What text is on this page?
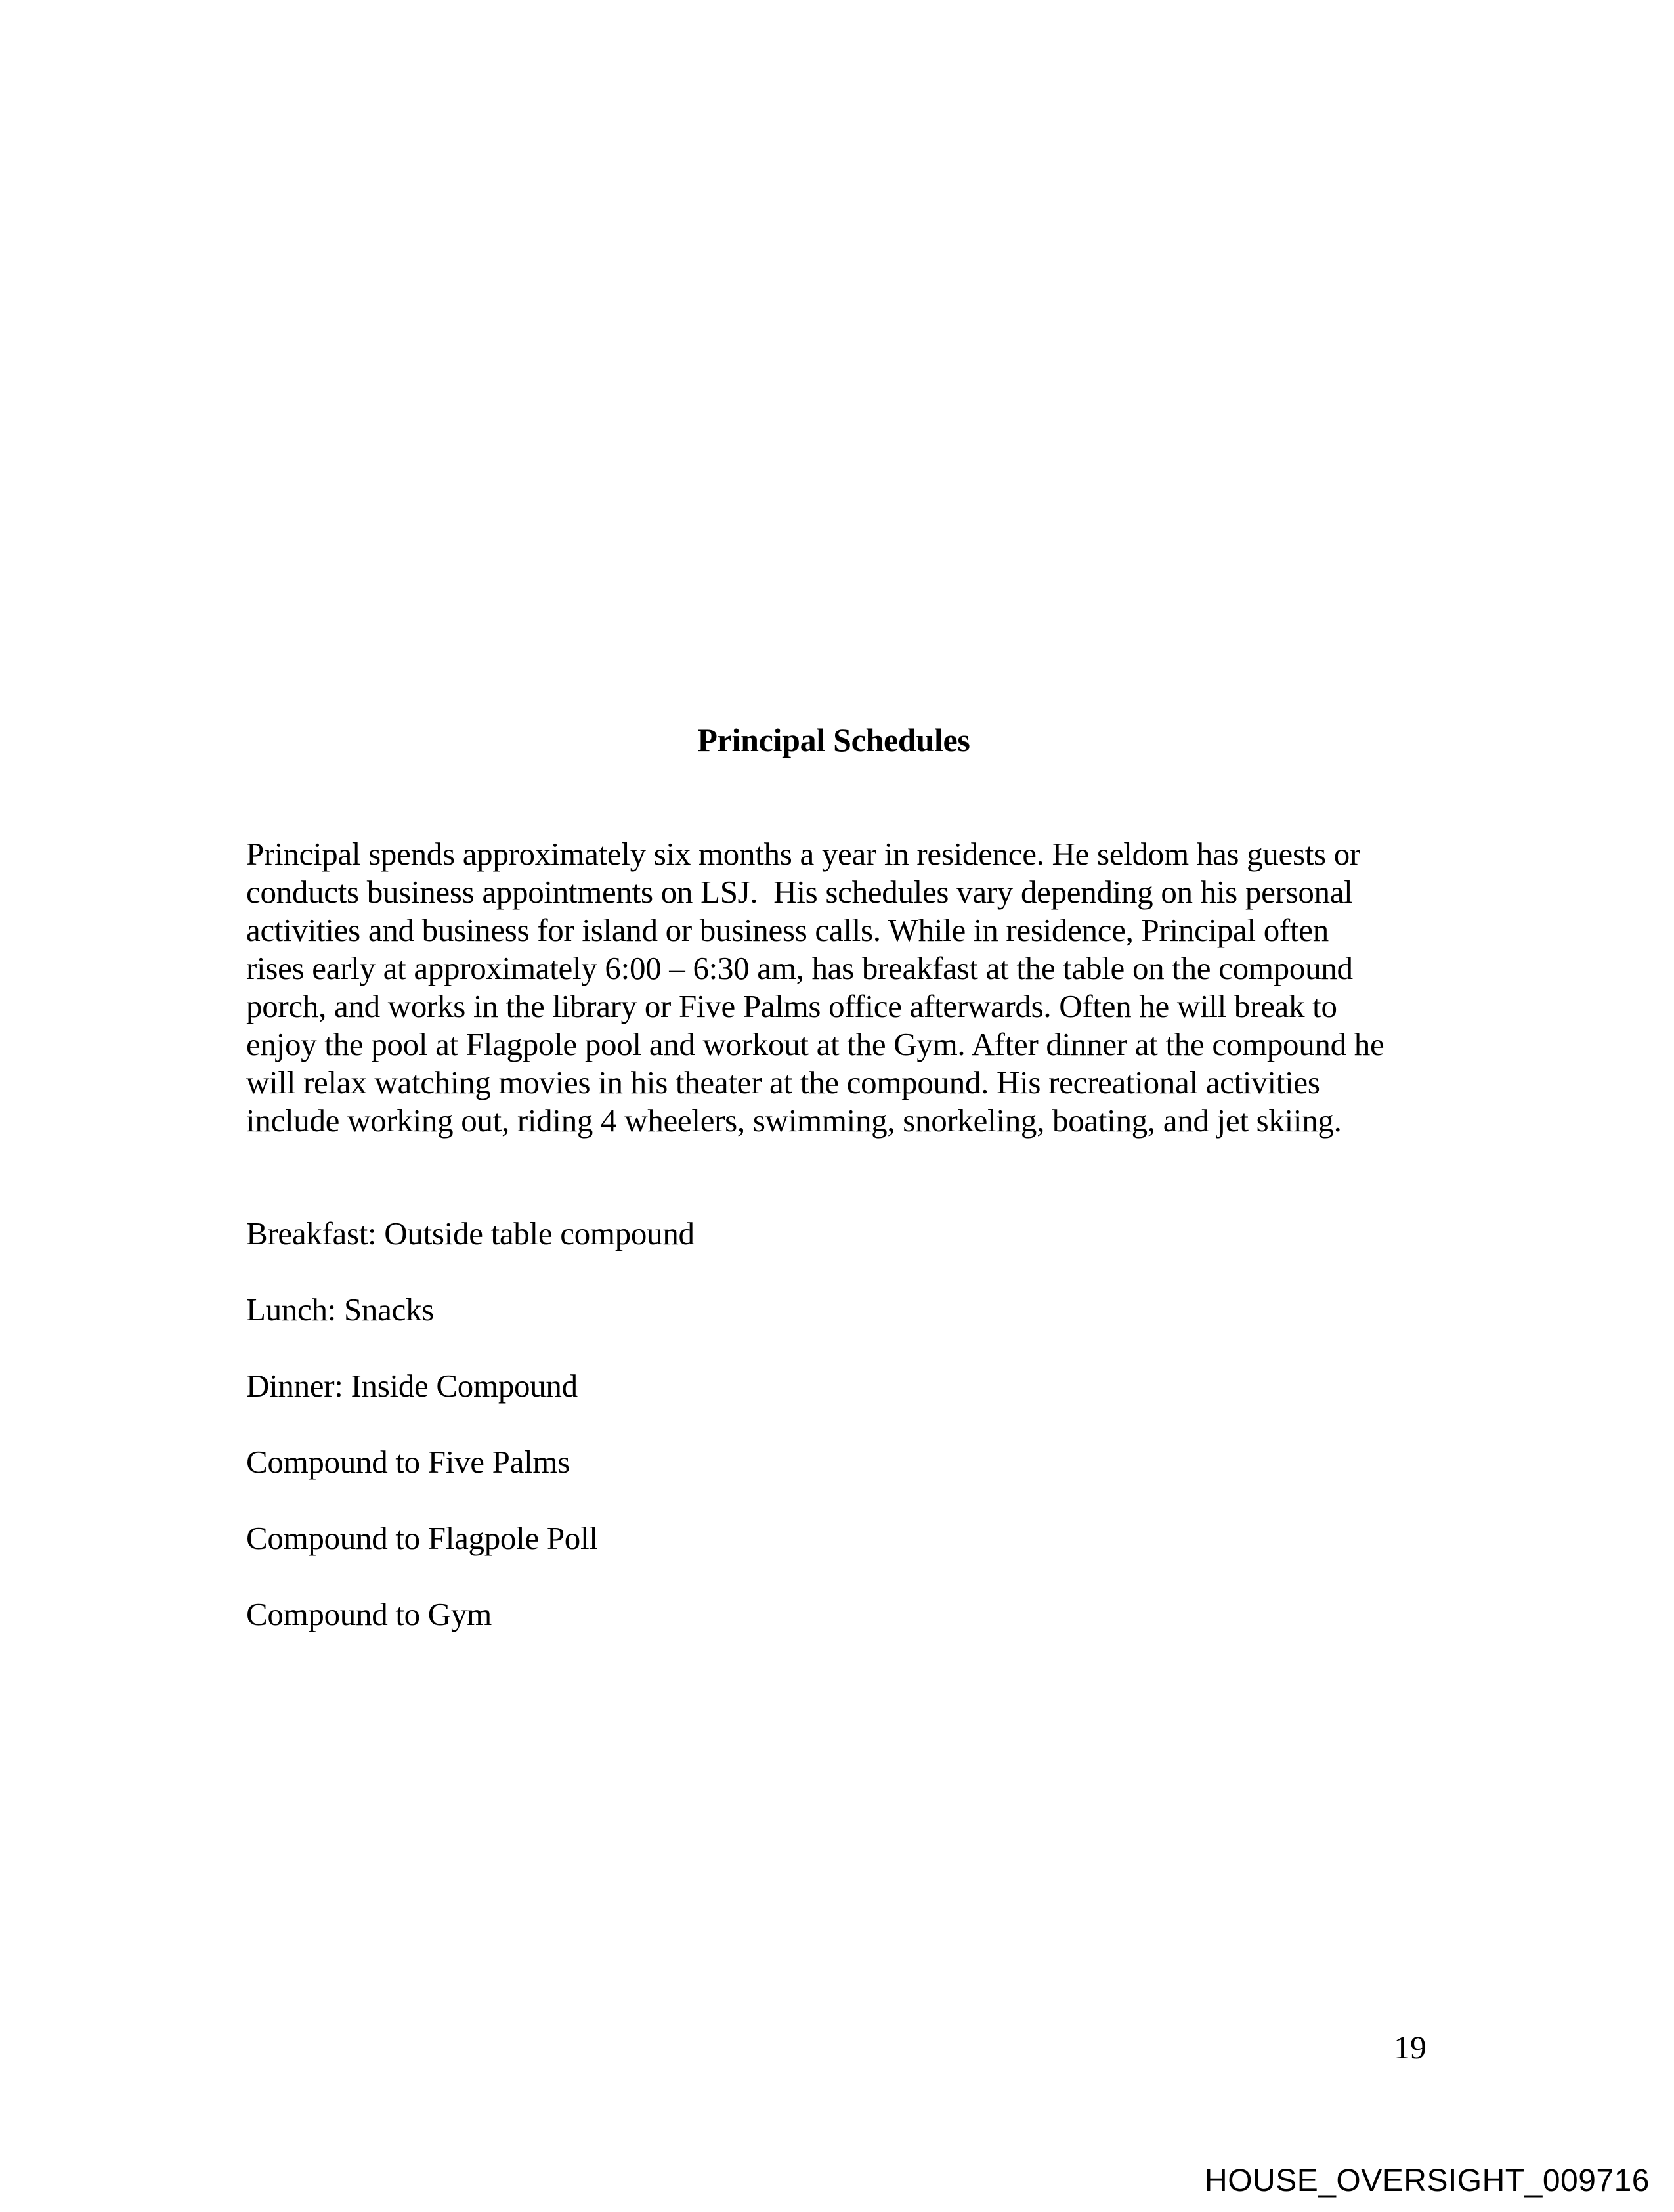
Principal Schedules
Principal spends approximately six months a year in residence. He seldom has guests or
conducts business appointments on LSJ.  His schedules vary depending on his personal
activities and business for island or business calls. While in residence, Principal often
rises early at approximately 6:00 – 6:30 am, has breakfast at the table on the compound
porch, and works in the library or Five Palms office afterwards. Often he will break to
enjoy the pool at Flagpole pool and workout at the Gym. After dinner at the compound he
will relax watching movies in his theater at the compound. His recreational activities
include working out, riding 4 wheelers, swimming, snorkeling, boating, and jet skiing.
Breakfast: Outside table compound
Lunch: Snacks
Dinner: Inside Compound
Compound to Five Palms
Compound to Flagpole Poll
Compound to Gym
19
HOUSE_OVERSIGHT_009716
